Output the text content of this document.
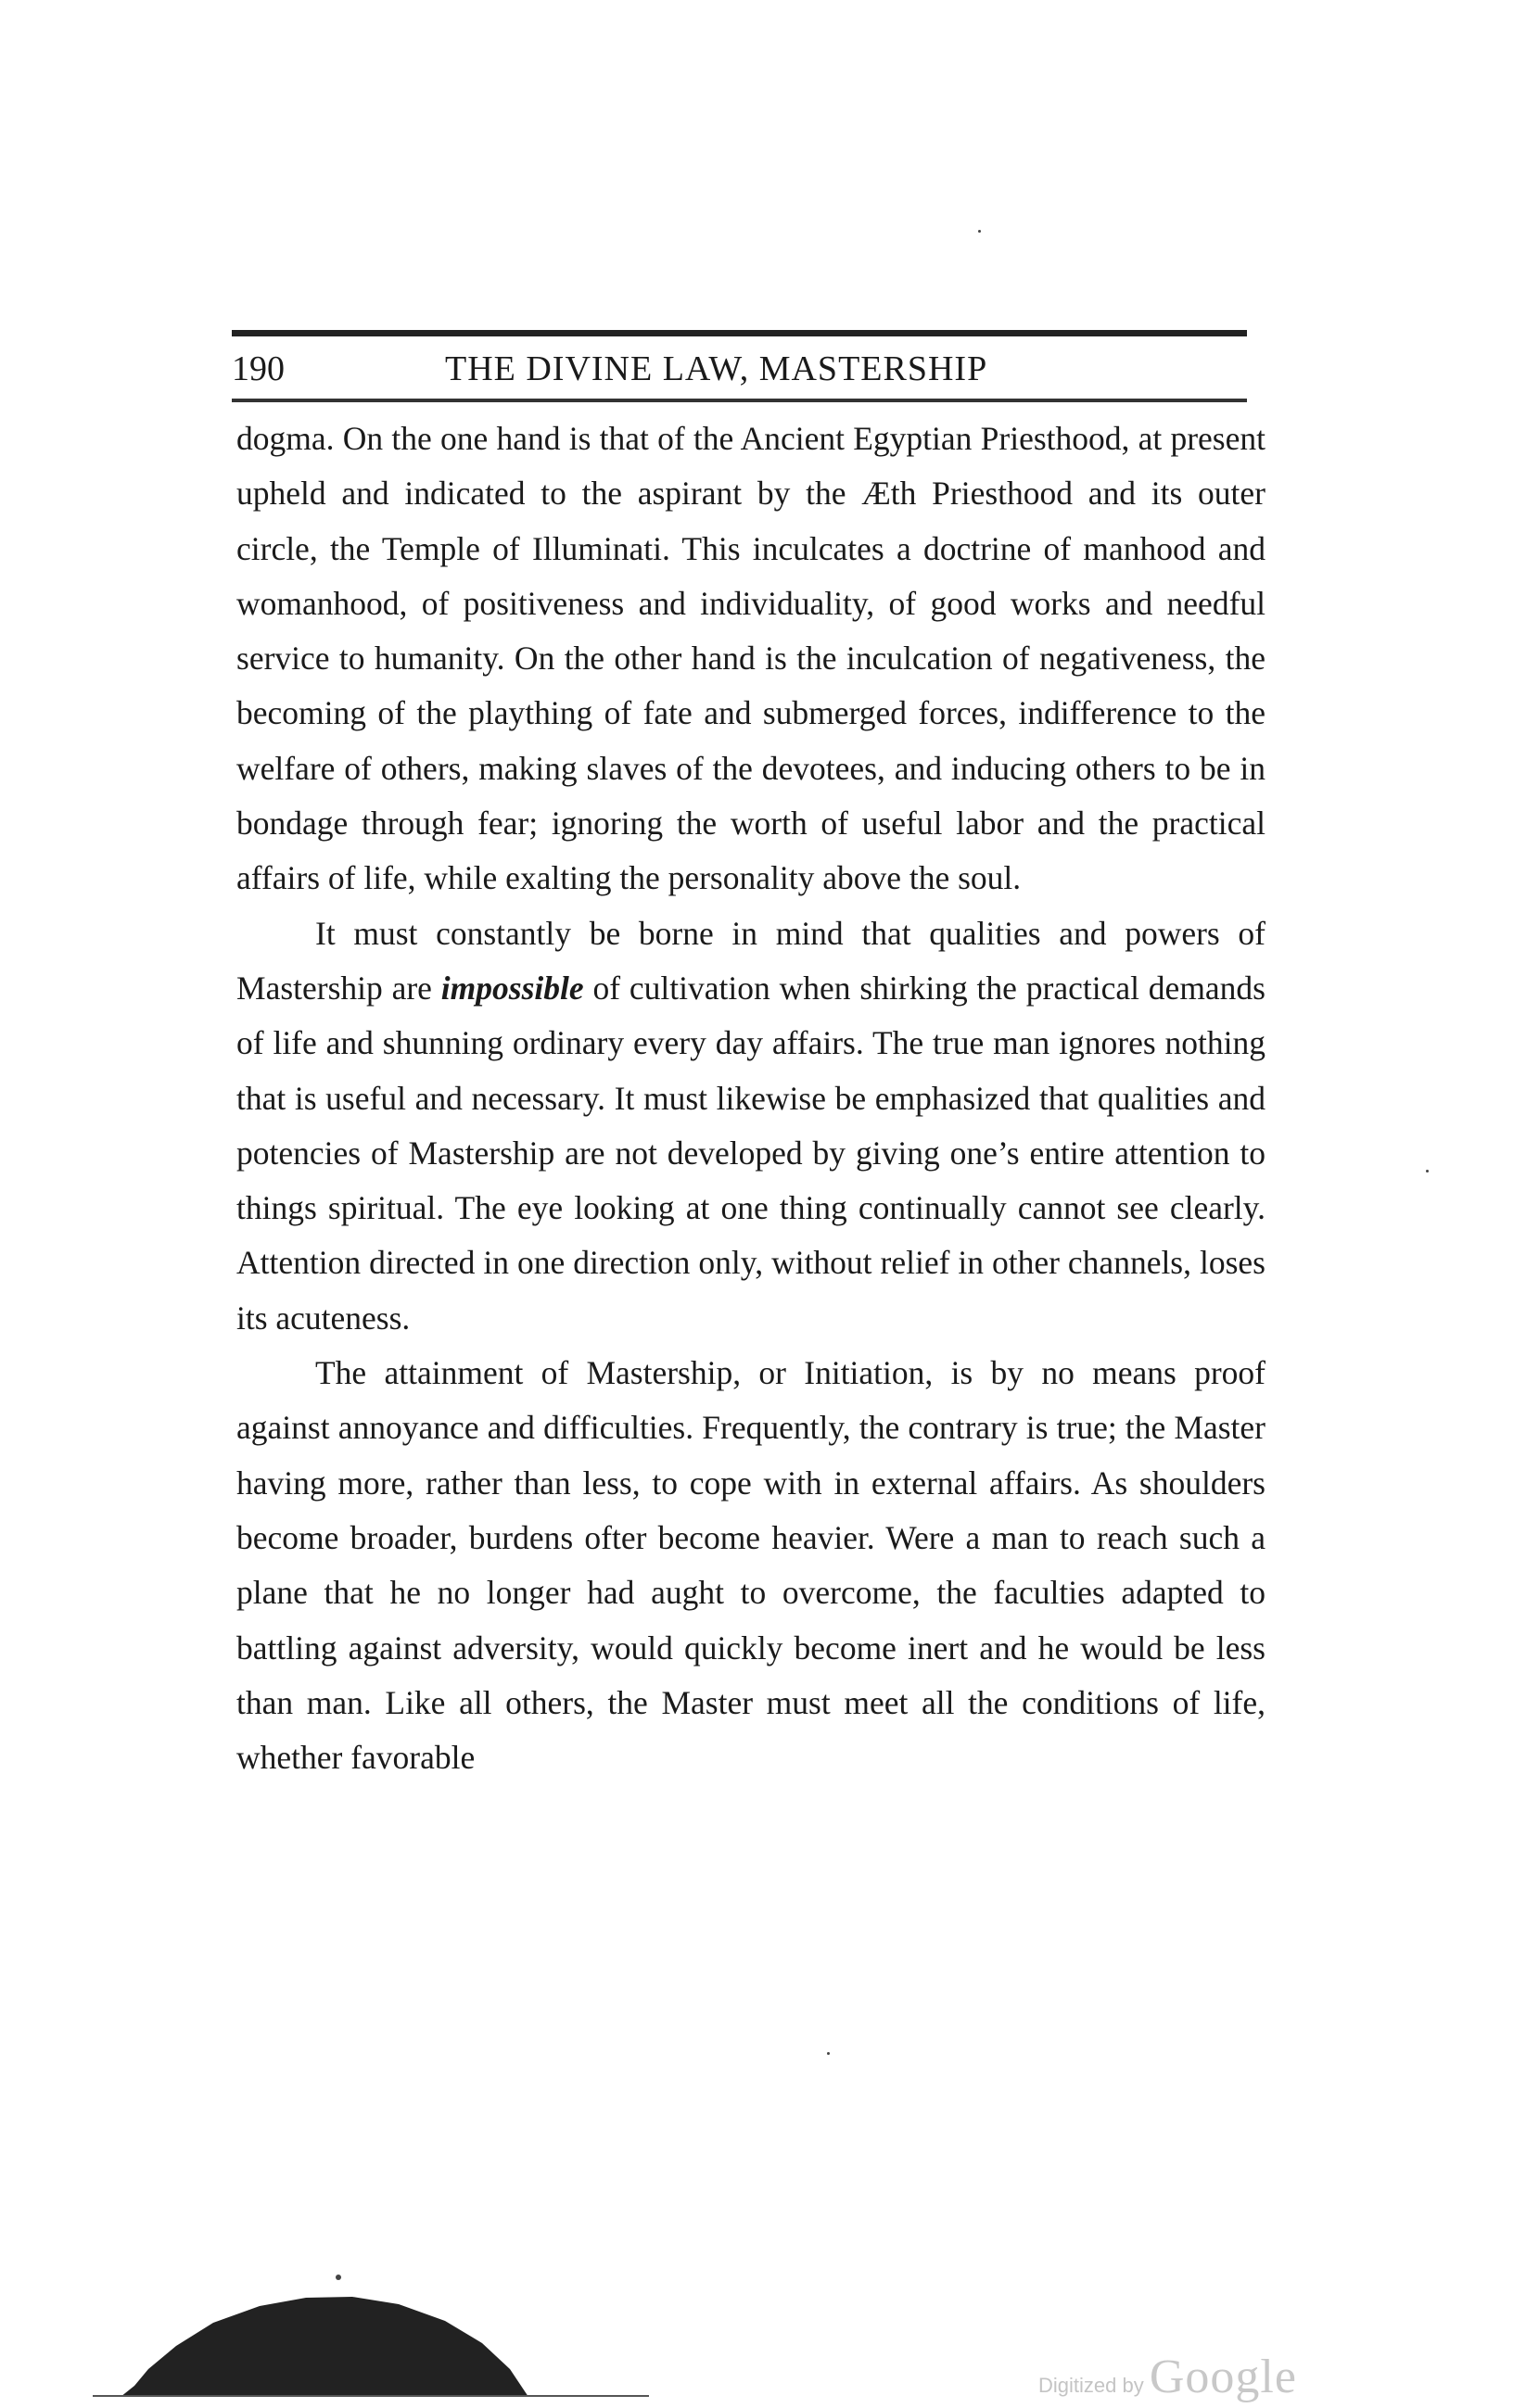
190	THE DIVINE LAW, MASTERSHIP

dogma. On the one hand is that of the Ancient Egyptian Priesthood, at present upheld and indicated to the aspirant by the Æth Priesthood and its outer circle, the Temple of Illuminati. This inculcates a doctrine of manhood and womanhood, of positiveness and individuality, of good works and needful service to humanity. On the other hand is the inculcation of negativeness, the becoming of the plaything of fate and submerged forces, indifference to the welfare of others, making slaves of the devotees, and inducing others to be in bondage through fear; ignoring the worth of useful labor and the practical affairs of life, while exalting the personality above the soul.

It must constantly be borne in mind that qualities and powers of Mastership are impossible of cultivation when shirking the practical demands of life and shunning ordinary every day affairs. The true man ignores nothing that is useful and necessary. It must likewise be emphasized that qualities and potencies of Mastership are not developed by giving one’s entire attention to things spiritual. The eye looking at one thing continually cannot see clearly. Attention directed in one direction only, without relief in other channels, loses its acuteness.

The attainment of Mastership, or Initiation, is by no means proof against annoyance and difficulties. Frequently, the contrary is true; the Master having more, rather than less, to cope with in external affairs. As shoulders become broader, burdens ofter become heavier. Were a man to reach such a plane that he no longer had aught to overcome, the faculties adapted to battling against adversity, would quickly become inert and he would be less than man. Like all others, the Master must meet all the conditions of life, whether favorable

Digitized by Google
